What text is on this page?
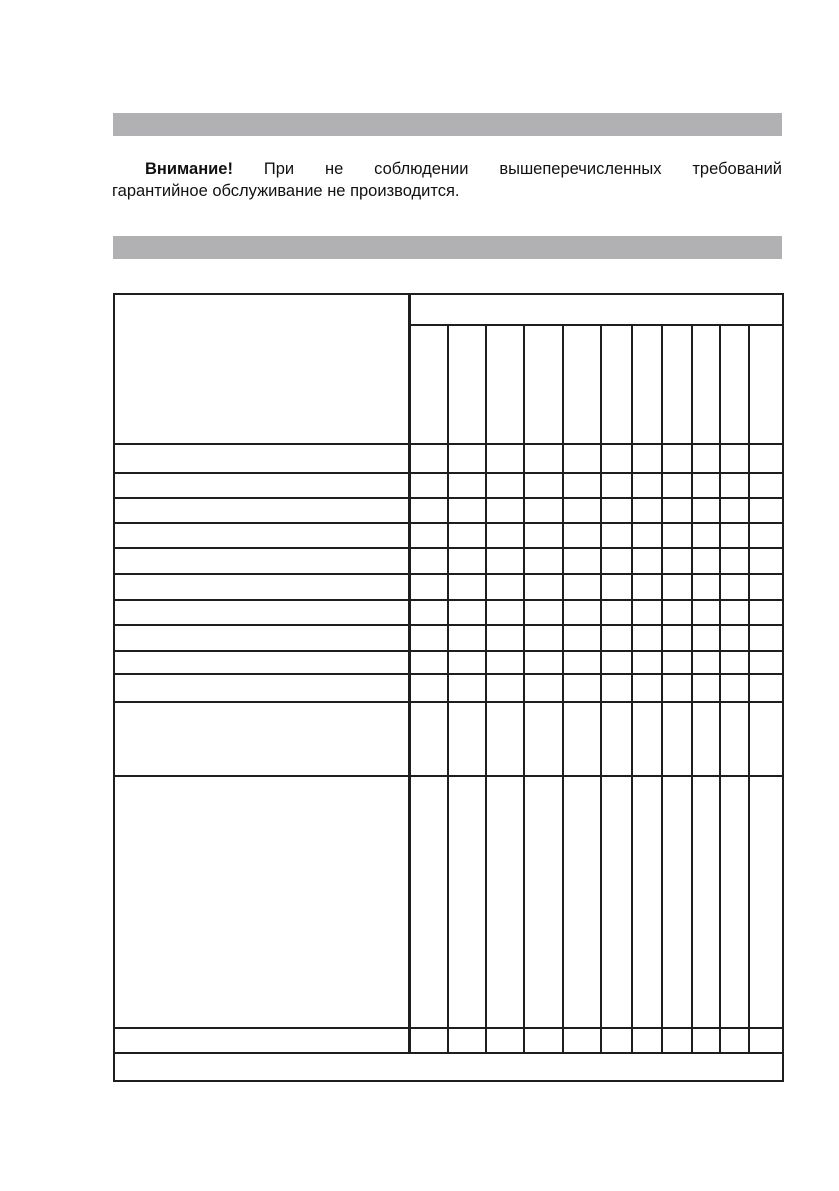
Внимание! При не соблюдении вышеперечисленных требований
гарантийное обслуживание не производится.
